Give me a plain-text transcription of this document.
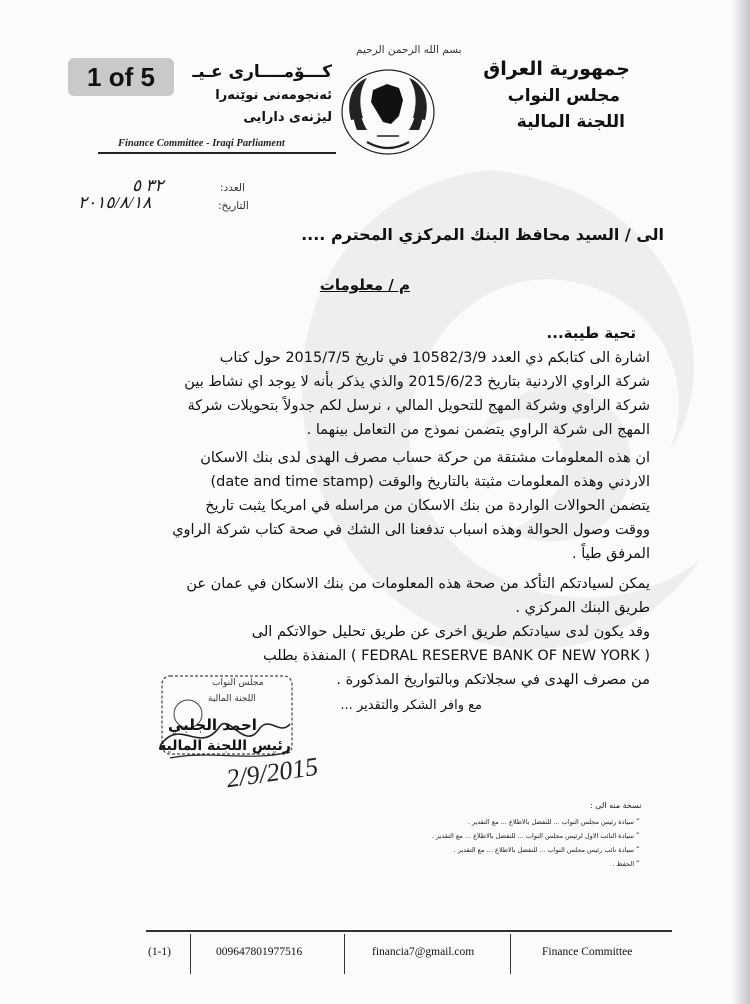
کـــۆمــــاری عـیـ
ئەنجومەنی نوێنەرا
لیژنەی دارایی
1 of 5
Finance Committee - Iraqi Parliament
بسم الله الرحمن الرحيم
جمهورية العراق
مجلس النواب
اللجنة المالية
العدد:
٣٢ ٥
التاريخ:
٢٠١٥/٨/١٨
الى / السيد محافظ البنك المركزي المحترم ....
م / معلومات
تحية طيبة...
اشارة الى كتابكم ذي العدد 10582/3/9 في تاريخ 2015/7/5 حول كتاب
شركة الراوي الاردنية بتاريخ 2015/6/23 والذي يذكر بأنه لا يوجد اي نشاط بين
شركة الراوي وشركة المهج للتحويل المالي ، نرسل لكم جدولاً بتحويلات شركة
المهج الى شركة الراوي يتضمن نموذج من التعامل بينهما .
ان هذه المعلومات مشتقة من حركة حساب مصرف الهدى لدى بنك الاسكان
الاردني وهذه المعلومات مثبتة بالتاريخ والوقت (date and time stamp)
يتضمن الحوالات الواردة من بنك الاسكان من مراسله في امريكا يثبت تاريخ
ووقت وصول الحوالة وهذه اسباب تدفعنا الى الشك في صحة كتاب شركة الراوي
المرفق طياً .
يمكن لسيادتكم التأكد من صحة هذه المعلومات من بنك الاسكان في عمان عن
طريق البنك المركزي .
وقد يكون لدى سيادتكم طريق اخرى عن طريق تحليل حوالاتكم الى
( FEDRAL RESERVE BANK OF NEW YORK ) المنفذة بطلب
من مصرف الهدى في سجلاتكم وبالتواريخ المذكورة .
مع وافر الشكر والتقدير ...
مجلس النواب
اللجنة المالية
احمد الجلبي
رئيس اللجنة المالية
2/9/2015
نسخة منه الى :
سيادة رئيس مجلس النواب ... للتفضل بالاطلاع ... مع التقدير .
سيادة النائب الاول لرئيس مجلس النواب ... للتفضل بالاطلاع ... مع التقدير .
سيادة نائب رئيس مجلس النواب ... للتفضل بالاطلاع ... مع التقدير .
الحفظ .
-
-
-
-
(1-1)	009647801977516	financia7@gmail.com	Finance Committee
